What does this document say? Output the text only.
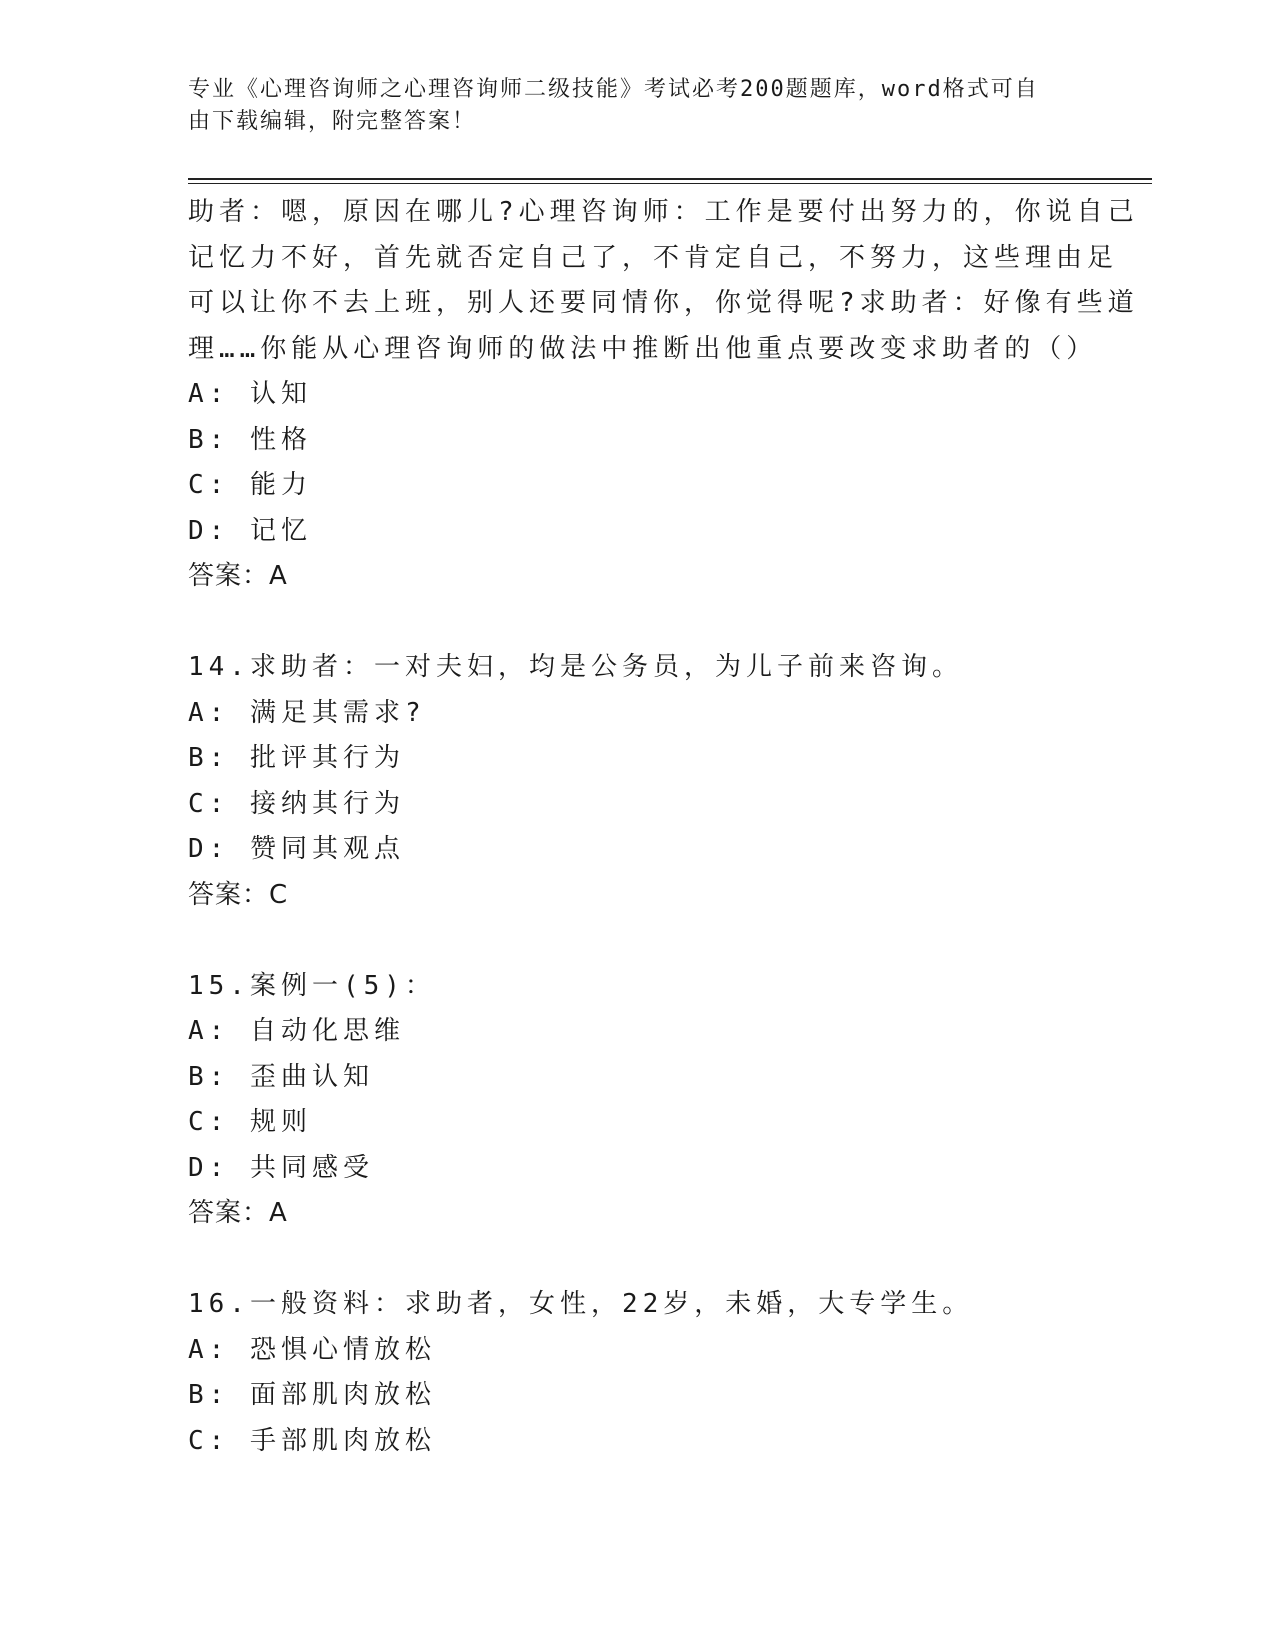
专业《心理咨询师之心理咨询师二级技能》考试必考200题题库，word格式可自
由下载编辑，附完整答案！
助者：嗯，原因在哪儿?心理咨询师：工作是要付出努力的，你说自己
记忆力不好，首先就否定自己了，不肯定自己，不努力，这些理由足
可以让你不去上班，别人还要同情你，你觉得呢?求助者：好像有些道
理……你能从心理咨询师的做法中推断出他重点要改变求助者的（）
A: 认知
B: 性格
C: 能力
D: 记忆
答案：A
14.求助者：一对夫妇，均是公务员，为儿子前来咨询。
A: 满足其需求?
B: 批评其行为
C: 接纳其行为
D: 赞同其观点
答案：C
15.案例一(5)：
A: 自动化思维
B: 歪曲认知
C: 规则
D: 共同感受
答案：A
16.一般资料：求助者，女性，22岁，未婚，大专学生。
A: 恐惧心情放松
B: 面部肌肉放松
C: 手部肌肉放松
